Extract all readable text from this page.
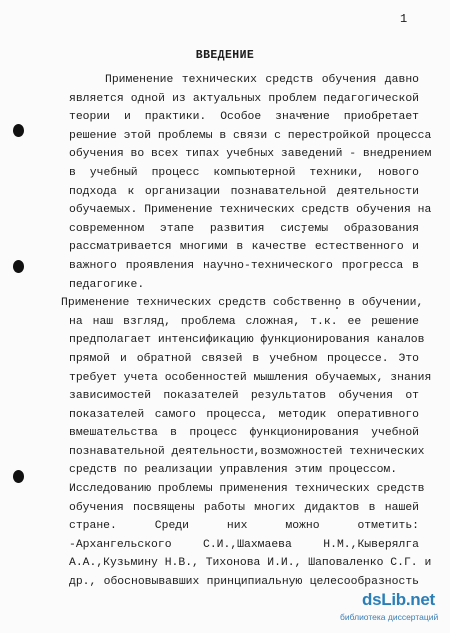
1
ВВЕДЕНИЕ
Применение технических средств обучения давно
является одной из актуальных проблем педагогической
теории и практики. Особое значение приобретает
решение этой проблемы в связи с перестройкой процесса
обучения во всех типах учебных заведений - внедрением
в учебный процесс компьютерной техники, нового
подхода к организации познавательной деятельности
обучаемых. Применение технических средств обучения на
современном этапе развития системы образования
рассматривается многими в качестве естественного и
важного проявления научно-технического прогресса в
педагогике.
Применение технических средств собственно в обучении,
на наш взгляд, проблема сложная, т.к. ее решение
предполагает интенсификацию функционирования каналов
прямой и обратной связей в учебном процессе. Это
требует учета особенностей мышления обучаемых, знания
зависимостей показателей результатов обучения от
показателей самого процесса, методик оперативного
вмешательства в процесс функционирования учебной
познавательной деятельности,возможностей технических
средств по реализации управления этим процессом.
Исследованию проблемы применения технических средств
обучения посвящены работы многих дидактов в нашей
стране. Среди них можно отметить:
-Архангельского С.И.,Шахмаева Н.М.,Кыверялга
А.А.,Кузьмину Н.В., Тихонова И.И., Шаповаленко С.Г. и
др., обосновывавших принципиальную целесообразность
dsLib.net
библиотека диссертаций
